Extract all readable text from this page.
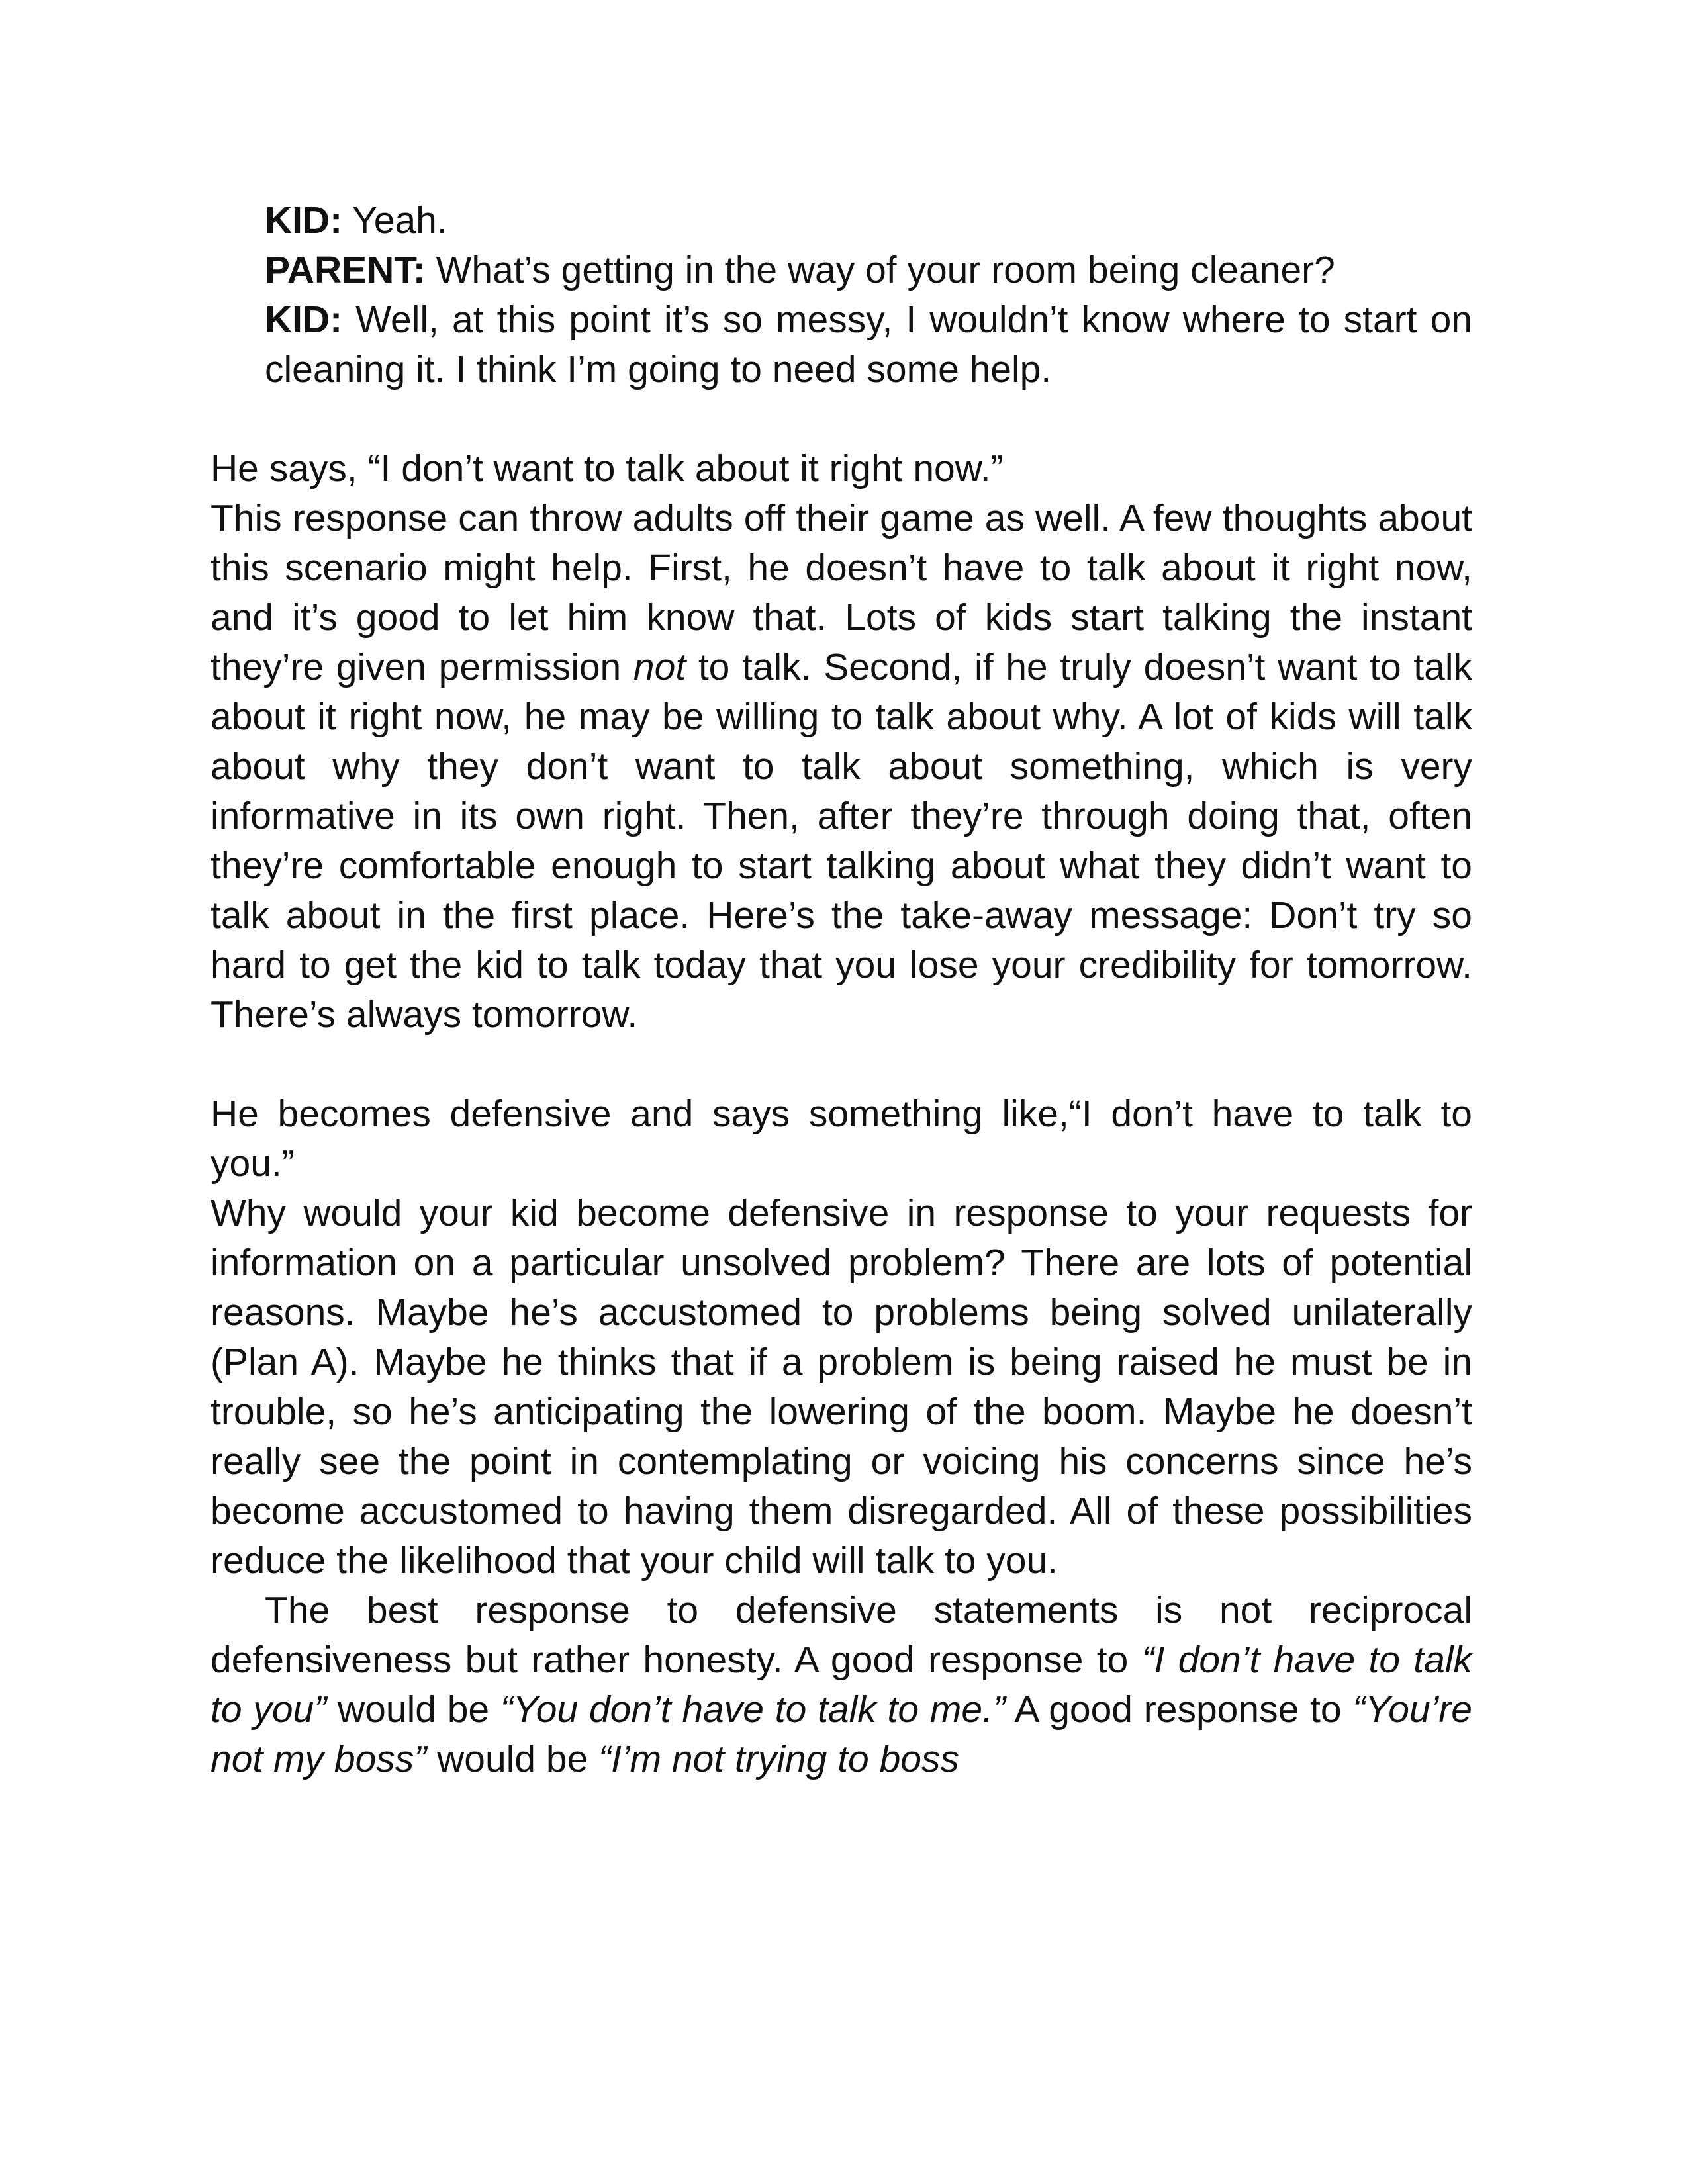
KID: Yeah.

PARENT: What’s getting in the way of your room being cleaner?

KID: Well, at this point it’s so messy, I wouldn’t know where to start on cleaning it. I think I’m going to need some help.

He says, “I don’t want to talk about it right now.”

This response can throw adults off their game as well. A few thoughts about this scenario might help. First, he doesn’t have to talk about it right now, and it’s good to let him know that. Lots of kids start talking the instant they’re given permission not to talk. Second, if he truly doesn’t want to talk about it right now, he may be willing to talk about why. A lot of kids will talk about why they don’t want to talk about something, which is very informative in its own right. Then, after they’re through doing that, often they’re comfortable enough to start talking about what they didn’t want to talk about in the first place. Here’s the take-away message: Don’t try so hard to get the kid to talk today that you lose your credibility for tomorrow. There’s always tomorrow.

He becomes defensive and says something like,“I don’t have to talk to you.”

Why would your kid become defensive in response to your requests for information on a particular unsolved problem? There are lots of potential reasons. Maybe he’s accustomed to problems being solved unilaterally (Plan A). Maybe he thinks that if a problem is being raised he must be in trouble, so he’s anticipating the lowering of the boom. Maybe he doesn’t really see the point in contemplating or voicing his concerns since he’s become accustomed to having them disregarded. All of these possibilities reduce the likelihood that your child will talk to you.

The best response to defensive statements is not reciprocal defensiveness but rather honesty. A good response to “I don’t have to talk to you” would be “You don’t have to talk to me.” A good response to “You’re not my boss” would be “I’m not trying to boss
